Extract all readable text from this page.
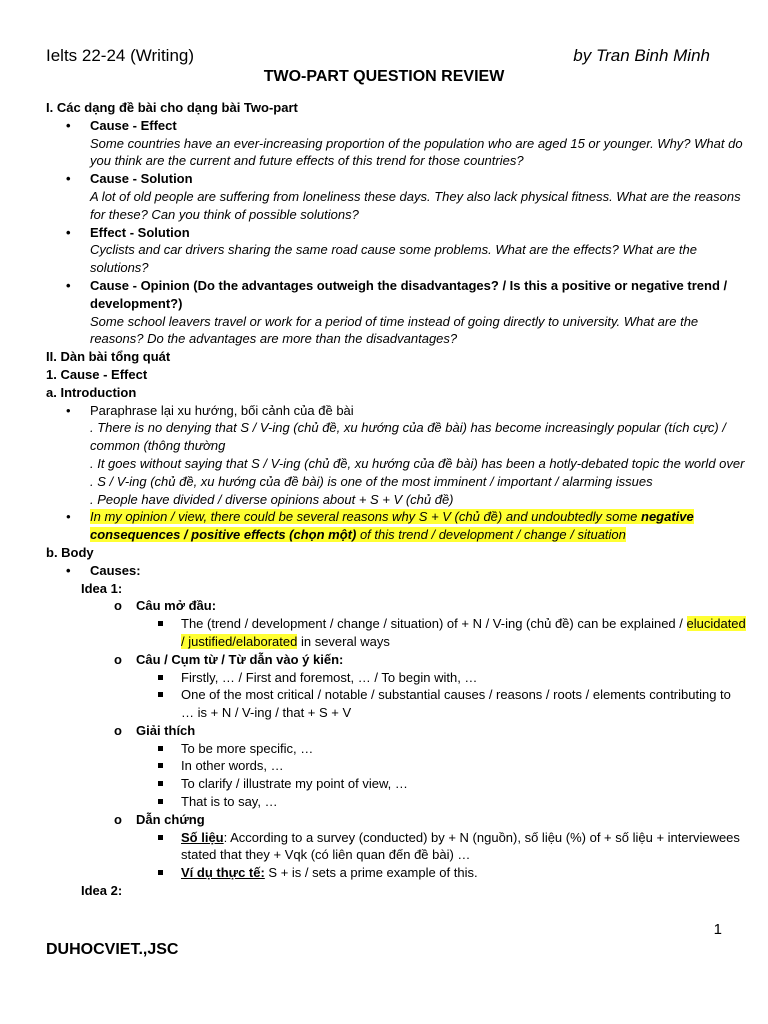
Ielts 22-24 (Writing)	by Tran Binh Minh
TWO-PART QUESTION REVIEW
I. Các dạng đề bài cho dạng bài Two-part
• Cause - Effect
Some countries have an ever-increasing proportion of the population who are aged 15 or younger. Why? What do you think are the current and future effects of this trend for those countries?
• Cause - Solution
A lot of old people are suffering from loneliness these days. They also lack physical fitness. What are the reasons for these? Can you think of possible solutions?
• Effect - Solution
Cyclists and car drivers sharing the same road cause some problems. What are the effects? What are the solutions?
• Cause - Opinion (Do the advantages outweigh the disadvantages? / Is this a positive or negative trend / development?)
Some school leavers travel or work for a period of time instead of going directly to university. What are the reasons? Do the advantages are more than the disadvantages?
II. Dàn bài tổng quát
1. Cause - Effect
a. Introduction
• Paraphrase lại xu hướng, bối cảnh của đề bài
. There is no denying that S / V-ing (chủ đề, xu hướng của đề bài) has become increasingly popular (tích cực) / common (thông thường
. It goes without saying that S / V-ing (chủ đề, xu hướng của đề bài) has been a hotly-debated topic the world over
. S / V-ing (chủ đề, xu hướng của đề bài) is one of the most imminent / important / alarming issues
. People have divided / diverse opinions about + S + V (chủ đề)
• In my opinion / view, there could be several reasons why S + V (chủ đề) and undoubtedly some negative consequences / positive effects (chọn một) of this trend / development / change / situation
b. Body
• Causes:
Idea 1:
o Câu mở đầu:
The (trend / development / change / situation) of + N / V-ing (chủ đề) can be explained / elucidated / justified/elaborated in several ways
o Câu / Cụm từ / Từ dẫn vào ý kiến:
Firstly, … / First and foremost, … / To begin with, …
One of the most critical / notable / substantial causes / reasons / roots / elements contributing to … is + N / V-ing / that + S + V
o Giải thích
To be more specific, …
In other words, …
To clarify / illustrate my point of view, …
That is to say, …
o Dẫn chứng
Số liệu: According to a survey (conducted) by + N (nguồn), số liệu (%) of + số liệu + interviewees stated that they + Vqk (có liên quan đến đề bài) …
Ví dụ thực tế: S + is / sets a prime example of this.
Idea 2:
1
DUHOCVIET.,JSC
